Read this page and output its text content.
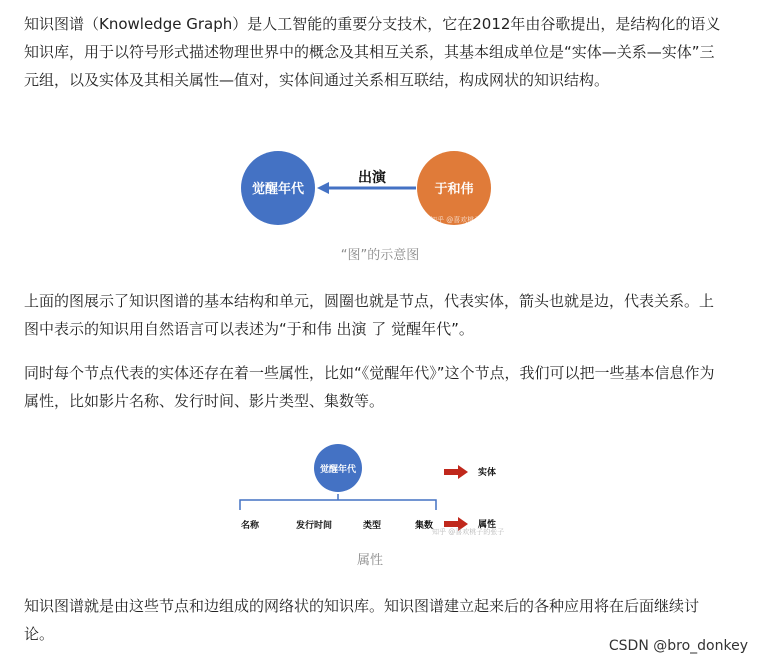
知识图谱（Knowledge Graph）是人工智能的重要分支技术，它在2012年由谷歌提出，是结构化的语义知识库，用于以符号形式描述物理世界中的概念及其相互关系，其基本组成单位是“实体—关系—实体”三元组，以及实体及其相关属性—值对，实体间通过关系相互联结，构成网状的知识结构。

觉醒年代	于和伟
出演
知乎 @喜欢桃子的张子

“图”的示意图

上面的图展示了知识图谱的基本结构和单元，圆圈也就是节点，代表实体，箭头也就是边，代表关系。上图中表示的知识用自然语言可以表述为“于和伟 出演 了 觉醒年代”。

同时每个节点代表的实体还存在着一些属性，比如“《觉醒年代》”这个节点，我们可以把一些基本信息作为属性，比如影片名称、发行时间、影片类型、集数等。

觉醒年代
名称	发行时间	类型	集数
实体
属性
知乎 @喜欢桃子的张子

属性

知识图谱就是由这些节点和边组成的网络状的知识库。知识图谱建立起来后的各种应用将在后面继续讨论。

CSDN @bro_donkey
